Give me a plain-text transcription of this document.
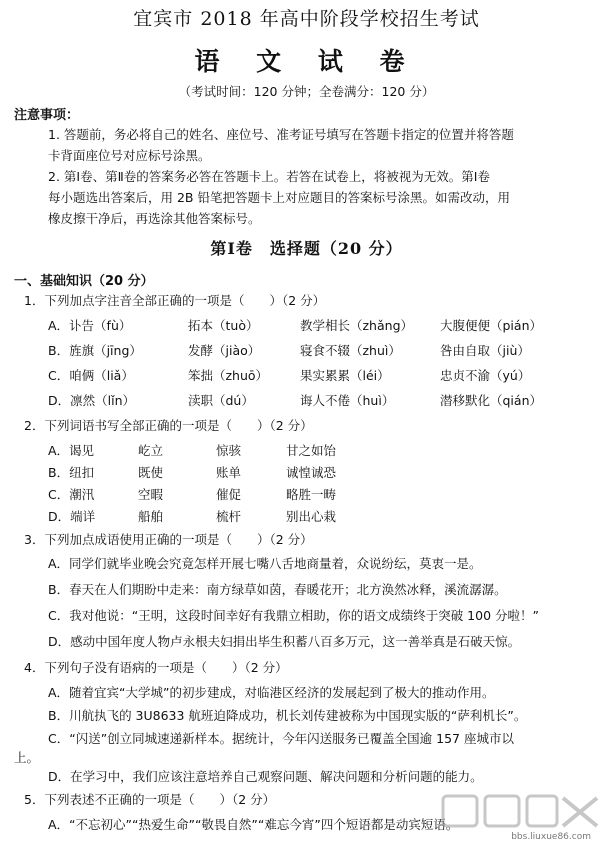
宜宾市 2018 年高中阶段学校招生考试
语 文 试 卷
（考试时间：120 分钟；全卷满分：120 分）
注意事项：
1. 答题前，务必将自己的姓名、座位号、准考证号填写在答题卡指定的位置并将答题
卡背面座位号对应标号涂黑。
2. 第Ⅰ卷、第Ⅱ卷的答案务必答在答题卡上。若答在试卷上，将被视为无效。第Ⅰ卷
每小题选出答案后，用 2B 铅笔把答题卡上对应题目的答案标号涂黑。如需改动，用
橡皮擦干净后，再选涂其他答案标号。
第Ⅰ卷　选择题（20 分）
一、基础知识（20 分）
1．下列加点字注音全部正确的一项是（　　）（2 分）
A．讣告（fù）	拓本（tuò）	教学相长（zhǎng） 大腹便便（pián）
B．旌旗（jīng）	发酵（jiào）	寝食不辍（zhuì）	咎由自取（jiù）
C．咱俩（liǎ）	笨拙（zhuō）	果实累累（léi）	忠贞不渝（yú）
D．凛然（lǐn）	渎职（dú）	诲人不倦（huì）	潜移默化（qián）
2．下列词语书写全部正确的一项是（　　）（2 分）
A．谒见	屹立	惊骇	甘之如饴
B．纽扣	既使	账单	诚惶诚恐
C．潮汛	空暇	催促	略胜一畴
D．端详	船舶	梳杆	别出心栽
3．下列加点成语使用正确的一项是（　　）（2 分）
A．同学们就毕业晚会究竟怎样开展七嘴八舌地商量着，众说纷纭，莫衷一是。
B．春天在人们期盼中走来：南方绿草如茵，春暖花开；北方涣然冰释，溪流潺潺。
C．我对他说：“王明，这段时间幸好有我鼎立相助，你的语文成绩终于突破 100 分啦！”
D．感动中国年度人物卢永根夫妇捐出毕生积蓄八百多万元，这一善举真是石破天惊。
4．下列句子没有语病的一项是（　　）（2 分）
A．随着宜宾“大学城”的初步建成，对临港区经济的发展起到了极大的推动作用。
B．川航执飞的 3U8633 航班迫降成功，机长刘传建被称为中国现实版的“萨利机长”。
C．“闪送”创立同城速递新样本。据统计，今年闪送服务已覆盖全国逾 157 座城市以
上。
D．在学习中，我们应该注意培养自己观察问题、解决问题和分析问题的能力。
5．下列表述不正确的一项是（　　）（2 分）
A．“不忘初心”“热爱生命”“敬畏自然”“难忘今宵”四个短语都是动宾短语。
bbs.liuxue86.com
